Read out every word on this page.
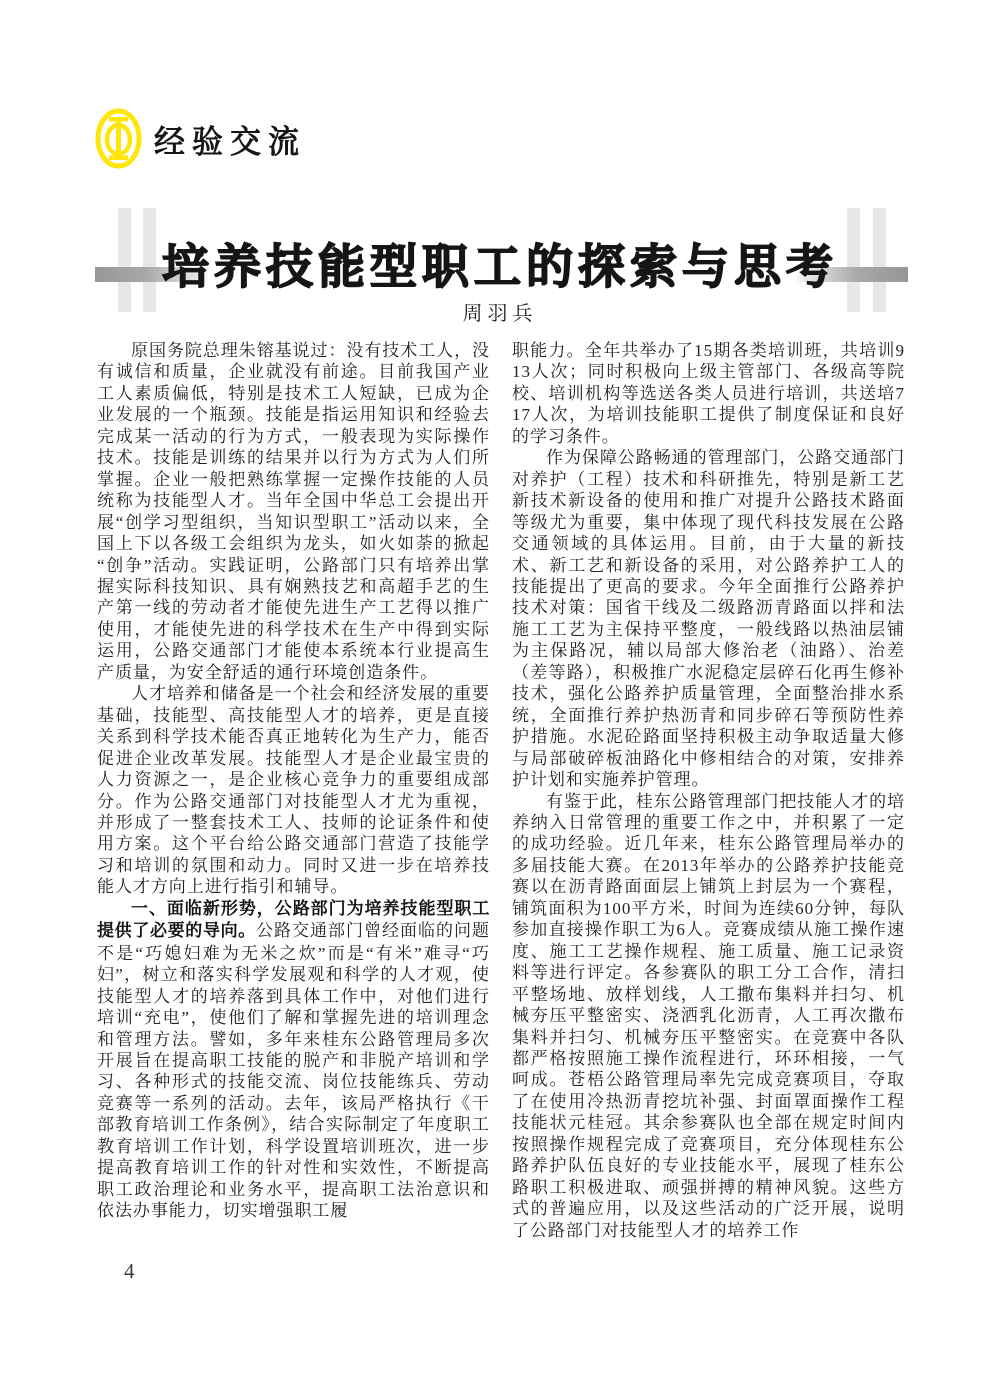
经验交流
培养技能型职工的探索与思考
周羽兵

原国务院总理朱镕基说过：没有技术工人，没有诚信和质量，企业就没有前途。目前我国产业工人素质偏低，特别是技术工人短缺，已成为企业发展的一个瓶颈。技能是指运用知识和经验去完成某一活动的行为方式，一般表现为实际操作技术。技能是训练的结果并以行为方式为人们所掌握。企业一般把熟练掌握一定操作技能的人员统称为技能型人才。当年全国中华总工会提出开展“创学习型组织，当知识型职工”活动以来，全国上下以各级工会组织为龙头，如火如荼的掀起“创争”活动。实践证明，公路部门只有培养出掌握实际科技知识、具有娴熟技艺和高超手艺的生产第一线的劳动者才能使先进生产工艺得以推广使用，才能使先进的科学技术在生产中得到实际运用，公路交通部门才能使本系统本行业提高生产质量，为安全舒适的通行环境创造条件。

人才培养和储备是一个社会和经济发展的重要基础，技能型、高技能型人才的培养，更是直接关系到科学技术能否真正地转化为生产力，能否促进企业改革发展。技能型人才是企业最宝贵的人力资源之一，是企业核心竞争力的重要组成部分。作为公路交通部门对技能型人才尤为重视，并形成了一整套技术工人、技师的论证条件和使用方案。这个平台给公路交通部门营造了技能学习和培训的氛围和动力。同时又进一步在培养技能人才方向上进行指引和辅导。

一、面临新形势，公路部门为培养技能型职工提供了必要的导向。公路交通部门曾经面临的问题不是“巧媳妇难为无米之炊”而是“有米”难寻“巧妇”，树立和落实科学发展观和科学的人才观，使技能型人才的培养落到具体工作中，对他们进行培训“充电”，使他们了解和掌握先进的培训理念和管理方法。譬如，多年来桂东公路管理局多次开展旨在提高职工技能的脱产和非脱产培训和学习、各种形式的技能交流、岗位技能练兵、劳动竞赛等一系列的活动。去年，该局严格执行《干部教育培训工作条例》，结合实际制定了年度职工教育培训工作计划，科学设置培训班次，进一步提高教育培训工作的针对性和实效性，不断提高职工政治理论和业务水平，提高职工法治意识和依法办事能力，切实增强职工履

职能力。全年共举办了15期各类培训班，共培训913人次；同时积极向上级主管部门、各级高等院校、培训机构等选送各类人员进行培训，共送培717人次，为培训技能职工提供了制度保证和良好的学习条件。

作为保障公路畅通的管理部门，公路交通部门对养护（工程）技术和科研推先，特别是新工艺新技术新设备的使用和推广对提升公路技术路面等级尤为重要，集中体现了现代科技发展在公路交通领域的具体运用。目前，由于大量的新技术、新工艺和新设备的采用，对公路养护工人的技能提出了更高的要求。今年全面推行公路养护技术对策：国省干线及二级路沥青路面以拌和法施工工艺为主保持平整度，一般线路以热油层铺为主保路况，辅以局部大修治老（油路）、治差（差等路），积极推广水泥稳定层碎石化再生修补技术，强化公路养护质量管理，全面整治排水系统，全面推行养护热沥青和同步碎石等预防性养护措施。水泥砼路面坚持积极主动争取适量大修与局部破碎板油路化中修相结合的对策，安排养护计划和实施养护管理。

有鉴于此，桂东公路管理部门把技能人才的培养纳入日常管理的重要工作之中，并积累了一定的成功经验。近几年来，桂东公路管理局举办的多届技能大赛。在2013年举办的公路养护技能竞赛以在沥青路面面层上铺筑上封层为一个赛程，铺筑面积为100平方米，时间为连续60分钟，每队参加直接操作职工为6人。竞赛成绩从施工操作速度、施工工艺操作规程、施工质量、施工记录资料等进行评定。各参赛队的职工分工合作，清扫平整场地、放样划线，人工撒布集料并扫匀、机械夯压平整密实、浇洒乳化沥青，人工再次撒布集料并扫匀、机械夯压平整密实。在竞赛中各队都严格按照施工操作流程进行，环环相接，一气呵成。苍梧公路管理局率先完成竞赛项目，夺取了在使用冷热沥青挖坑补强、封面罩面操作工程技能状元桂冠。其余参赛队也全部在规定时间内按照操作规程完成了竞赛项目，充分体现桂东公路养护队伍良好的专业技能水平，展现了桂东公路职工积极进取、顽强拼搏的精神风貌。这些方式的普遍应用，以及这些活动的广泛开展，说明了公路部门对技能型人才的培养工作

4
